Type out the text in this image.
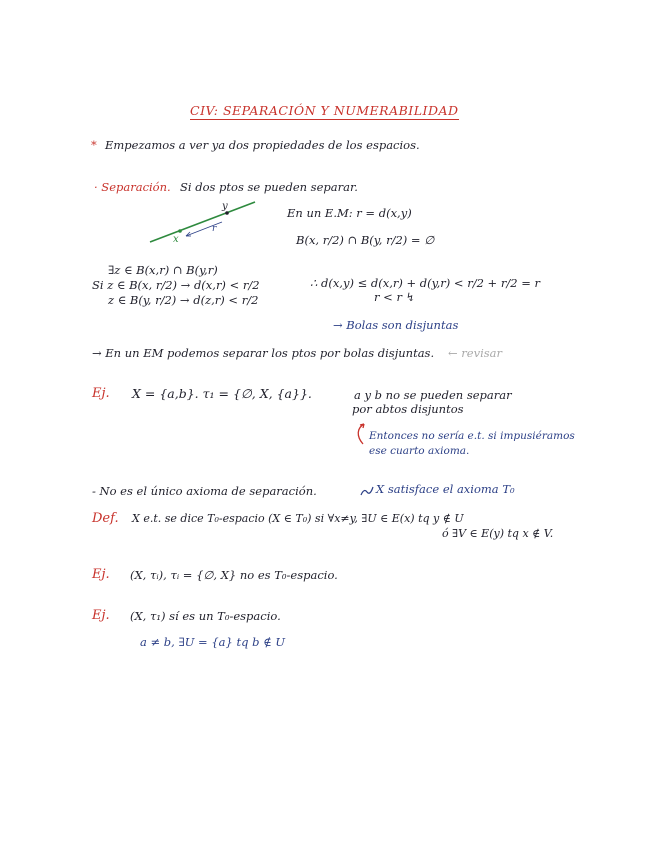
CIV: SEPARACIÓN Y NUMERABILIDAD
* Empezamos a ver ya dos propiedades de los espacios.
· Separación. Si dos ptos se pueden separar.
x
y
r
En un E.M: r = d(x,y)
B(x, r/2) ∩ B(y, r/2) = ∅
∃z ∈ B(x,r) ∩ B(y,r)
Si z ∈ B(x, r/2) → d(x,r) < r/2
z ∈ B(y, r/2) → d(z,r) < r/2
∴ d(x,y) ≤ d(x,r) + d(y,r) < r/2 + r/2 = r
r < r ↯
→ Bolas son disjuntas
→ En un EM podemos separar los ptos por bolas disjuntas. ← revisar
Ej. X = {a,b}. τ₁ = {∅, X, {a}}.	a y b no se pueden separar
por abtos disjuntos
Entonces no sería e.t. si impusiéramos
ese cuarto axioma.
- No es el único axioma de separación.	X satisface el axioma T₀
Def. X e.t. se dice T₀-espacio (X ∈ T₀) si ∀x≠y, ∃U ∈ E(x) tq y ∉ U
ó ∃V ∈ E(y) tq x ∉ V.
Ej. (X, τᵢ), τᵢ = {∅, X} no es T₀-espacio.
Ej. (X, τ₁) sí es un T₀-espacio.
a ≠ b, ∃U = {a} tq b ∉ U
